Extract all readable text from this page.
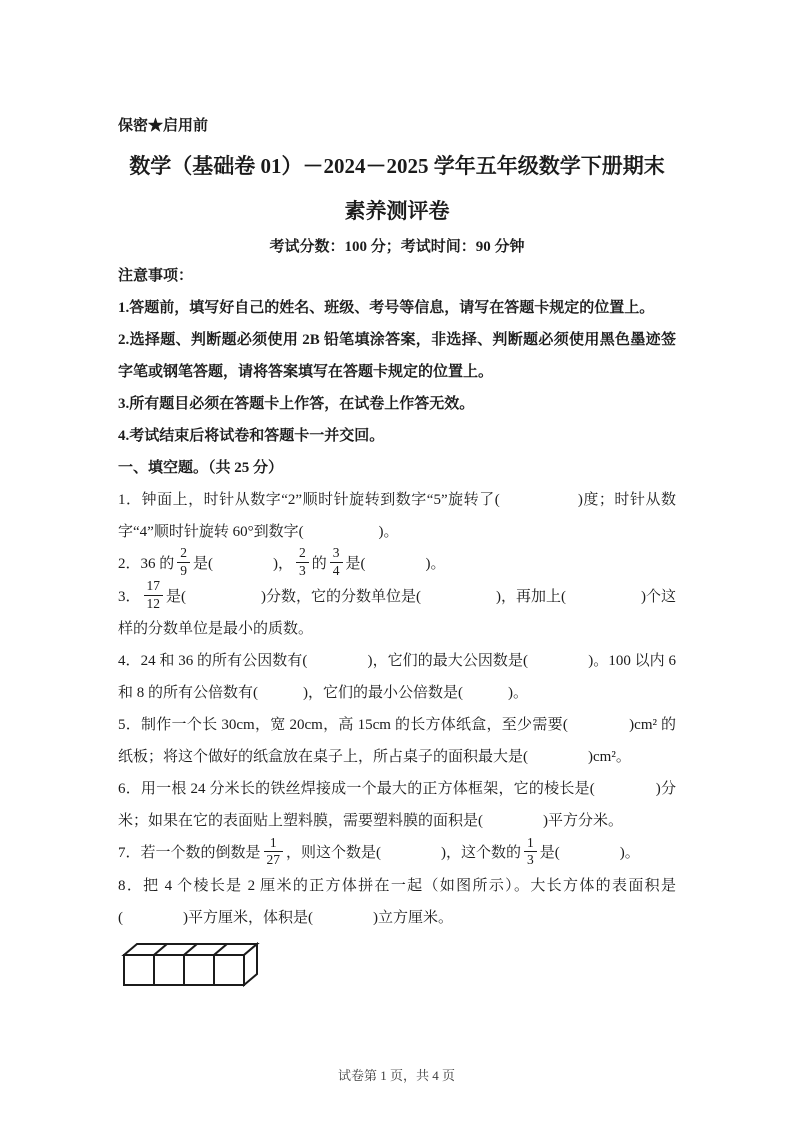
保密★启用前

数学（基础卷 01）－2024－2025 学年五年级数学下册期末
素养测评卷

考试分数：100 分；考试时间：90 分钟

注意事项：

1.答题前，填写好自己的姓名、班级、考号等信息，请写在答题卡规定的位置上。

2.选择题、判断题必须使用 2B 铅笔填涂答案，非选择、判断题必须使用黑色墨迹签字笔或钢笔答题，请将答案填写在答题卡规定的位置上。

3.所有题目必须在答题卡上作答，在试卷上作答无效。

4.考试结束后将试卷和答题卡一并交回。

一、填空题。（共 25 分）

1．钟面上，时针从数字“2”顺时针旋转到数字“5”旋转了(　　　　　)度；时针从数字“4”顺时针旋转 60°到数字(　　　　　)。

2．36 的 $\frac{2}{9}$ 是(　　　　)， $\frac{2}{3}$ 的 $\frac{3}{4}$ 是(　　　　)。

3． $\frac{17}{12}$ 是(　　　　　)分数，它的分数单位是(　　　　　)，再加上(　　　　　)个这样的分数单位是最小的质数。

4．24 和 36 的所有公因数有(　　　　)，它们的最大公因数是(　　　　)。100 以内 6 和 8 的所有公倍数有(　　　)，它们的最小公倍数是(　　　)。

5．制作一个长 30cm，宽 20cm，高 15cm 的长方体纸盒，至少需要(　　　　)cm² 的纸板；将这个做好的纸盒放在桌子上，所占桌子的面积最大是(　　　　)cm²。

6．用一根 24 分米长的铁丝焊接成一个最大的正方体框架，它的棱长是(　　　　)分米；如果在它的表面贴上塑料膜，需要塑料膜的面积是(　　　　)平方分米。

7．若一个数的倒数是 $\frac{1}{27}$ ，则这个数是(　　　　)，这个数的 $\frac{1}{3}$ 是(　　　　)。

8．把 4 个棱长是 2 厘米的正方体拼在一起（如图所示）。大长方体的表面积是(　　　　)平方厘米，体积是(　　　　)立方厘米。

试卷第 1 页，共 4 页
